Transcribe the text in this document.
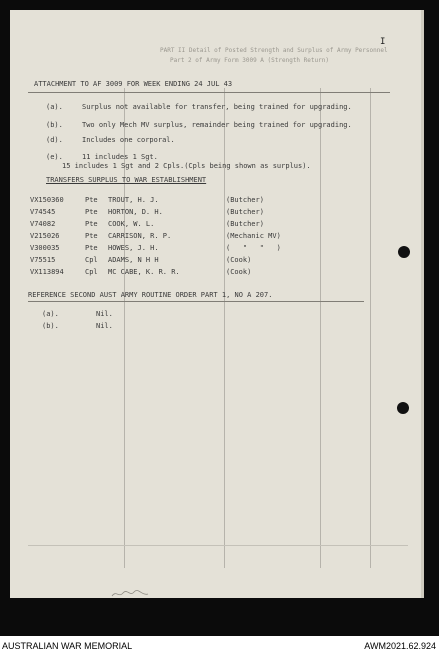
PART II Detail of Posted Strength and Surplus of Army Personnel
Part 2 of Army Form 3009 A (Strength Return)
I
ATTACHMENT TO AF 3009 FOR WEEK ENDING 24 JUL 43
(a).	Surplus not available for transfer, being trained for upgrading.
(b).	Two only Mech MV surplus, remainder being trained for upgrading.
(d).	Includes one corporal.
(e).	11 includes 1 Sgt.
15 includes 1 Sgt and 2 Cpls.(Cpls being shown as surplus).
TRANSFERS SURPLUS TO WAR ESTABLISHMENT
VX150360	Pte TROUT, H. J.	(Butcher)
V74545	Pte HORTON, D. H.	(Butcher)
V74082	Pte COOK, W. L.	(Butcher)
V215026	Pte CARRISON, R. P.	(Mechanic MV)
V300035	Pte HOWES, J. H.	(   "   "   )
V75515	Cpl ADAMS, N H H	(Cook)
VX113894	Cpl MC CABE, K. R. R.	(Cook)
REFERENCE SECOND AUST ARMY ROUTINE ORDER PART 1, NO A 207.
(a).	Nil.
(b).	Nil.
AUSTRALIAN WAR MEMORIAL	AWM2021.62.924
